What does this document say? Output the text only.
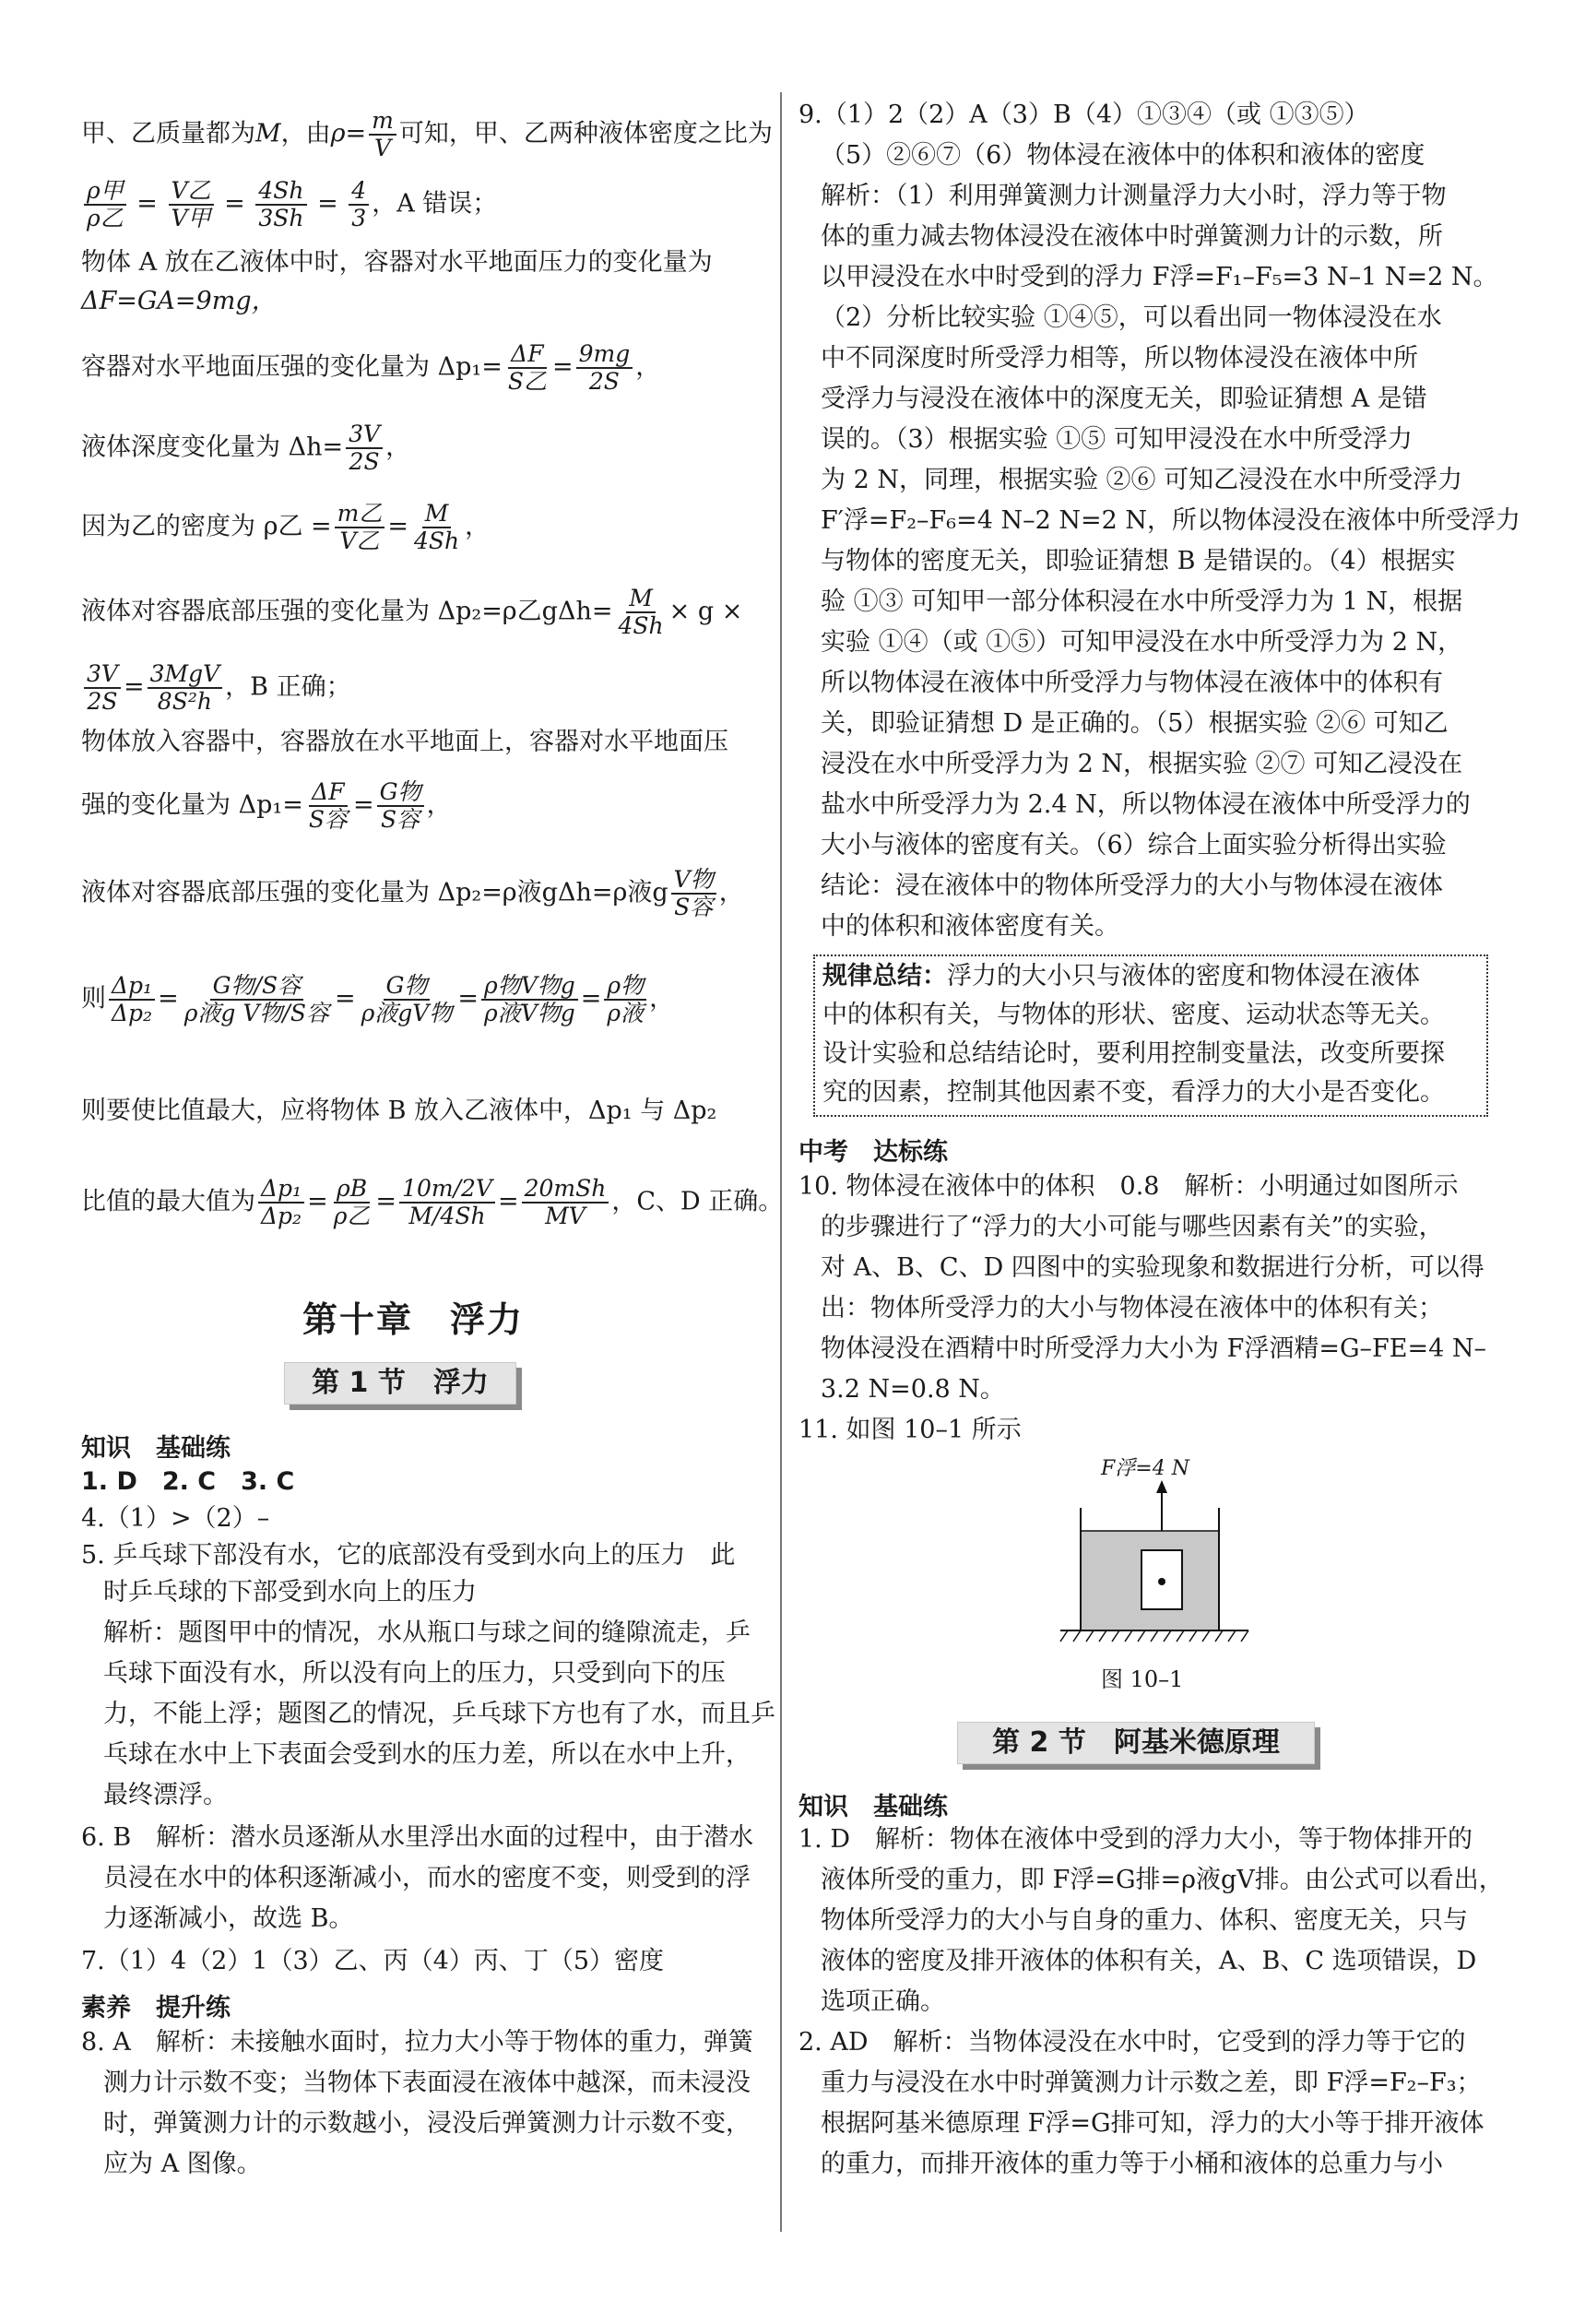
甲、乙质量都为M，由$\rho= \frac{m}{V}$ 可知，甲、乙两种液体密度之比为
$\frac{\text{ρ甲}}{\text{ρ乙}} = \frac{\text{V乙}}{\text{V甲}} = \frac{4Sh}{3Sh} = \frac{4}{3}$ ，A 错误；
物体 A 放在乙液体中时，容器对水平地面压力的变化量为
ΔF=GA=9mg，
容器对水平地面压强的变化量为 $\Delta p_1= \frac{\Delta F}{\text{S乙}} = \frac{9mg}{2S}$ ，
液体深度变化量为 $\Delta h= \frac{3V}{2S}$ ，
因为乙的密度为 ρ乙 = $\frac{\text{m乙}}{\text{V乙}} = \frac{M}{4Sh}$ ，
液体对容器底部压强的变化量为 Δp₂=ρ乙$g\Delta h= \frac{M}{4Sh} \times g$ ×
$\frac{3V}{2S} = \frac{\text{3MgV}}{\text{8S²h}}$ ，B 正确；
物体放入容器中，容器放在水平地面上，容器对水平地面压
强的变化量为 $\Delta p_1= \frac{\Delta F}{\text{S容}} = \frac{\text{G物}}{\text{S容}}$ ，
液体对容器底部压强的变化量为 Δp₂=ρ液gΔh=ρ液g $\frac{\text{V物}}{\text{S容}}$ ，
则 $\frac{\text{Δp₁}}{\text{Δp₂}} = \frac{\text{G物/S容}}{\text{ρ液g V物/S容}} = \frac{\text{G物}}{\text{ρ液gV物}} = \frac{\text{ρ物V物g}}{\text{ρ液V物g}} = \frac{\text{ρ物}}{\text{ρ液}}$ ，
则要使比值最大，应将物体 B 放入乙液体中，Δp₁ 与 Δp₂
比值的最大值为 $\frac{\text{Δp₁}}{\text{Δp₂}} = \frac{\rho B}{\text{ρ乙}} = \frac{10m/2V}{M/4Sh} = \frac{\text{20mSh}}{MV}$ ，C、D 正确。
第十章　浮力
第 1 节　浮力
知识　基础练
1. D　2. C　3. C
4.（1）>（2）–
5. 乒乓球下部没有水，它的底部没有受到水向上的压力　此
时乒乓球的下部受到水向上的压力
解析：题图甲中的情况，水从瓶口与球之间的缝隙流走，乒
乓球下面没有水，所以没有向上的压力，只受到向下的压
力，不能上浮；题图乙的情况，乒乓球下方也有了水，而且乒
乓球在水中上下表面会受到水的压力差，所以在水中上升，
最终漂浮。
6. B　解析：潜水员逐渐从水里浮出水面的过程中，由于潜水
员浸在水中的体积逐渐减小，而水的密度不变，则受到的浮
力逐渐减小，故选 B。
7.（1）4（2）1（3）乙、丙（4）丙、丁（5）密度
素养　提升练
8. A　解析：未接触水面时，拉力大小等于物体的重力，弹簧
测力计示数不变；当物体下表面浸在液体中越深，而未浸没
时，弹簧测力计的示数越小，浸没后弹簧测力计示数不变，
应为 A 图像。
9.（1）2（2）A（3）B（4）①③④（或 ①③⑤）
（5）②⑥⑦（6）物体浸在液体中的体积和液体的密度
解析：（1）利用弹簧测力计测量浮力大小时，浮力等于物
体的重力减去物体浸没在液体中时弹簧测力计的示数，所
以甲浸没在水中时受到的浮力 F浮=F₁–F₅=3 N–1 N=2 N。
（2）分析比较实验 ①④⑤，可以看出同一物体浸没在水
中不同深度时所受浮力相等，所以物体浸没在液体中所
受浮力与浸没在液体中的深度无关，即验证猜想 A 是错
误的。（3）根据实验 ①⑤ 可知甲浸没在水中所受浮力
为 2 N，同理，根据实验 ②⑥ 可知乙浸没在水中所受浮力
F′浮=F₂–F₆=4 N–2 N=2 N，所以物体浸没在液体中所受浮力
与物体的密度无关，即验证猜想 B 是错误的。（4）根据实
验 ①③ 可知甲一部分体积浸在水中所受浮力为 1 N，根据
实验 ①④（或 ①⑤）可知甲浸没在水中所受浮力为 2 N，
所以物体浸在液体中所受浮力与物体浸在液体中的体积有
关，即验证猜想 D 是正确的。（5）根据实验 ②⑥ 可知乙
浸没在水中所受浮力为 2 N，根据实验 ②⑦ 可知乙浸没在
盐水中所受浮力为 2.4 N，所以物体浸在液体中所受浮力的
大小与液体的密度有关。（6）综合上面实验分析得出实验
结论：浸在液体中的物体所受浮力的大小与物体浸在液体
中的体积和液体密度有关。
规律总结：浮力的大小只与液体的密度和物体浸在液体
中的体积有关，与物体的形状、密度、运动状态等无关。
设计实验和总结结论时，要利用控制变量法，改变所要探
究的因素，控制其他因素不变，看浮力的大小是否变化。
中考　达标练
10. 物体浸在液体中的体积　0.8　解析：小明通过如图所示
的步骤进行了“浮力的大小可能与哪些因素有关”的实验，
对 A、B、C、D 四图中的实验现象和数据进行分析，可以得
出：物体所受浮力的大小与物体浸在液体中的体积有关；
物体浸没在酒精中时所受浮力大小为 F浮酒精=G–FE=4 N–
3.2 N=0.8 N。
11. 如图 10–1 所示
F浮=4 N
图 10–1
第 2 节　阿基米德原理
知识　基础练
1. D　解析：物体在液体中受到的浮力大小，等于物体排开的
液体所受的重力，即 F浮=G排=ρ液gV排。由公式可以看出，
物体所受浮力的大小与自身的重力、体积、密度无关，只与
液体的密度及排开液体的体积有关，A、B、C 选项错误，D
选项正确。
2. AD　解析：当物体浸没在水中时，它受到的浮力等于它的
重力与浸没在水中时弹簧测力计示数之差，即 F浮=F₂–F₃；
根据阿基米德原理 F浮=G排可知，浮力的大小等于排开液体
的重力，而排开液体的重力等于小桶和液体的总重力与小
